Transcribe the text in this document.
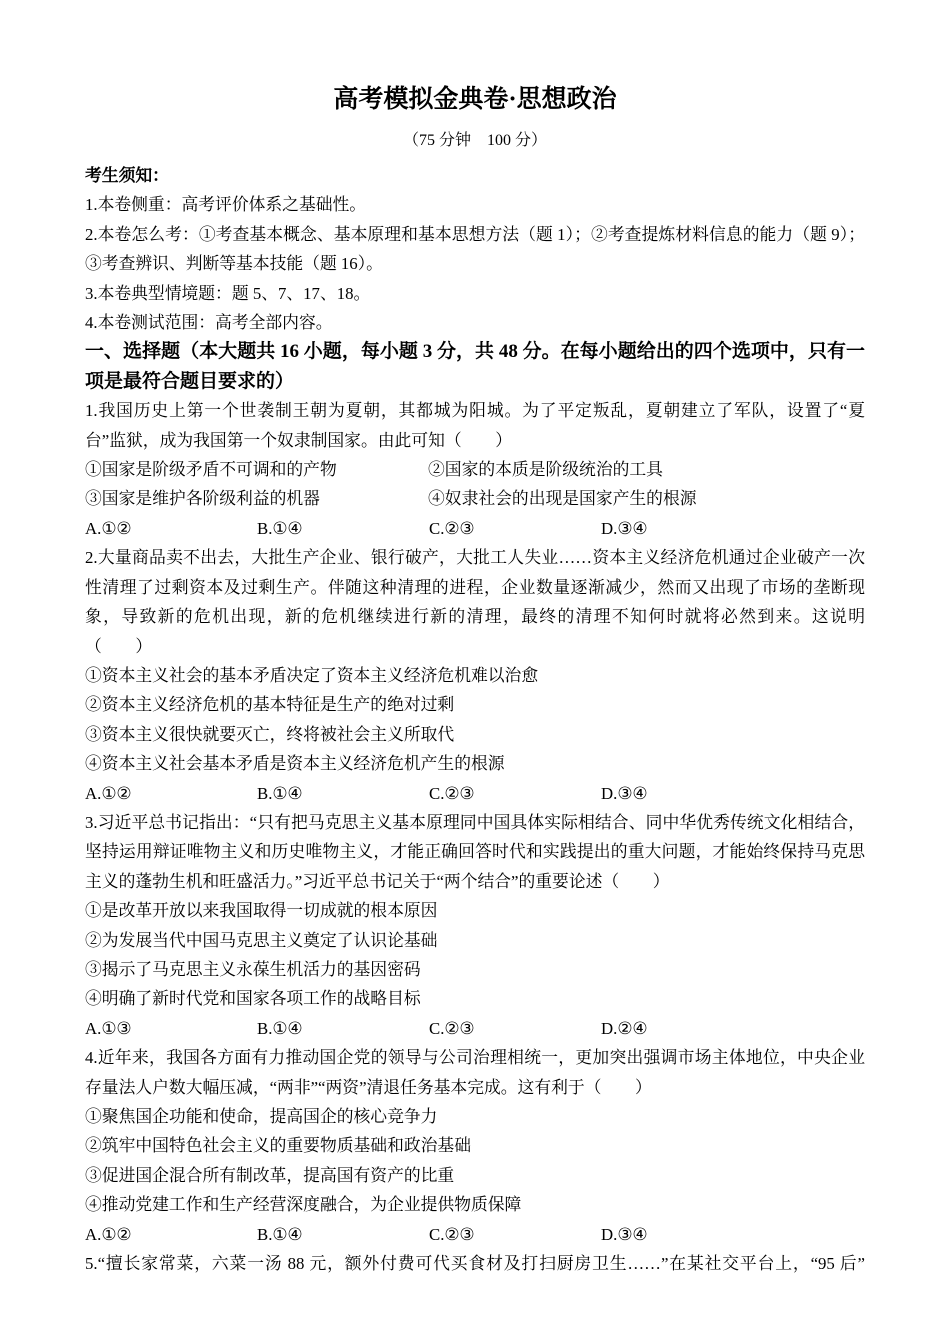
高考模拟金典卷·思想政治
（75 分钟　100 分）
考生须知：

1.本卷侧重：高考评价体系之基础性。

2.本卷怎么考：①考查基本概念、基本原理和基本思想方法（题 1）；②考查提炼材料信息的能力（题 9）；③考查辨识、判断等基本技能（题 16）。

3.本卷典型情境题：题 5、7、17、18。

4.本卷测试范围：高考全部内容。

一、选择题（本大题共 16 小题，每小题 3 分，共 48 分。在每小题给出的四个选项中，只有一项是最符合题目要求的）

1.我国历史上第一个世袭制王朝为夏朝，其都城为阳城。为了平定叛乱，夏朝建立了军队，设置了“夏台”监狱，成为我国第一个奴隶制国家。由此可知（　　）

①国家是阶级矛盾不可调和的产物	②国家的本质是阶级统治的工具
③国家是维护各阶级利益的机器	④奴隶社会的出现是国家产生的根源
A.①②	B.①④	C.②③	D.③④

2.大量商品卖不出去，大批生产企业、银行破产，大批工人失业……资本主义经济危机通过企业破产一次性清理了过剩资本及过剩生产。伴随这种清理的进程，企业数量逐渐减少，然而又出现了市场的垄断现象，导致新的危机出现，新的危机继续进行新的清理，最终的清理不知何时就将必然到来。这说明（　　）

①资本主义社会的基本矛盾决定了资本主义经济危机难以治愈

②资本主义经济危机的基本特征是生产的绝对过剩

③资本主义很快就要灭亡，终将被社会主义所取代

④资本主义社会基本矛盾是资本主义经济危机产生的根源

A.①②	B.①④	C.②③	D.③④

3.习近平总书记指出：“只有把马克思主义基本原理同中国具体实际相结合、同中华优秀传统文化相结合，坚持运用辩证唯物主义和历史唯物主义，才能正确回答时代和实践提出的重大问题，才能始终保持马克思主义的蓬勃生机和旺盛活力。”习近平总书记关于“两个结合”的重要论述（　　）

①是改革开放以来我国取得一切成就的根本原因

②为发展当代中国马克思主义奠定了认识论基础

③揭示了马克思主义永葆生机活力的基因密码

④明确了新时代党和国家各项工作的战略目标

A.①③	B.①④	C.②③	D.②④

4.近年来，我国各方面有力推动国企党的领导与公司治理相统一，更加突出强调市场主体地位，中央企业存量法人户数大幅压减，“两非”“两资”清退任务基本完成。这有利于（　　）

①聚焦国企功能和使命，提高国企的核心竞争力

②筑牢中国特色社会主义的重要物质基础和政治基础

③促进国企混合所有制改革，提高国有资产的比重

④推动党建工作和生产经营深度融合，为企业提供物质保障

A.①②	B.①④	C.②③	D.③④

5.“擅长家常菜，六菜一汤 88 元，额外付费可代买食材及打扫厨房卫生……”在某社交平台上，“95 后”
